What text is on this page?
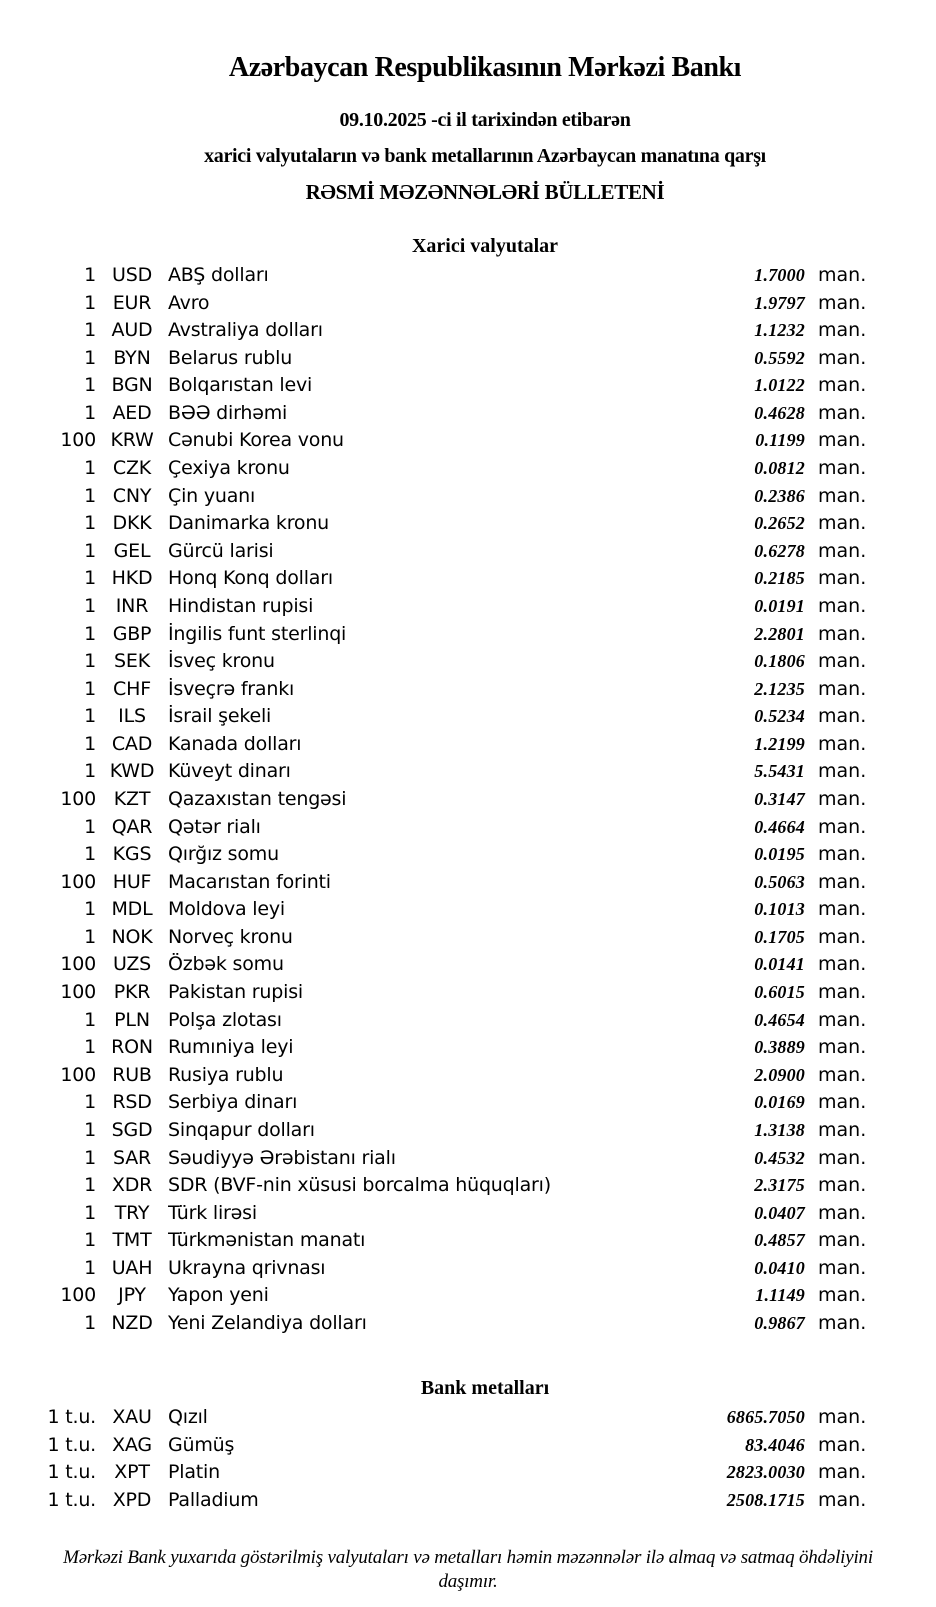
Azərbaycan Respublikasının Mərkəzi Bankı
09.10.2025 -ci il tarixindən etibarən
xarici valyutaların və bank metallarının Azərbaycan manatına qarşı
RƏSMİ MƏZƏNNƏLƏRİ BÜLLETENİ
Xarici valyutalar
1 USD ABŞ dolları	1.7000 man.
1 EUR Avro	1.9797 man.
1 AUD Avstraliya dolları	1.1232 man.
1 BYN Belarus rublu	0.5592 man.
1 BGN Bolqarıstan levi	1.0122 man.
1 AED BƏƏ dirhəmi	0.4628 man.
100 KRW Cənubi Korea vonu	0.1199 man.
1 CZK Çexiya kronu	0.0812 man.
1 CNY Çin yuanı	0.2386 man.
1 DKK Danimarka kronu	0.2652 man.
1 GEL Gürcü larisi	0.6278 man.
1 HKD Honq Konq dolları	0.2185 man.
1	INR	Hindistan rupisi	0.0191 man.
1 GBP İngilis funt sterlinqi	2.2801 man.
1 SEK İsveç kronu	0.1806 man.
1 CHF İsveçrə frankı	2.1235 man.
1	ILS	İsrail şekeli	0.5234 man.
1 CAD Kanada dolları	1.2199 man.
1 KWD Küveyt dinarı	5.5431 man.
100 KZT Qazaxıstan tengəsi	0.3147 man.
1 QAR Qətər rialı	0.4664 man.
1 KGS Qırğız somu	0.0195 man.
100 HUF Macarıstan forinti	0.5063 man.
1 MDL Moldova leyi	0.1013 man.
1 NOK Norveç kronu	0.1705 man.
100 UZS Özbək somu	0.0141 man.
100 PKR Pakistan rupisi	0.6015 man.
1 PLN Polşa zlotası	0.4654 man.
1 RON Rumıniya leyi	0.3889 man.
100 RUB Rusiya rublu	2.0900 man.
1 RSD Serbiya dinarı	0.0169 man.
1 SGD Sinqapur dolları	1.3138 man.
1 SAR Səudiyyə Ərəbistanı rialı	0.4532 man.
1 XDR SDR (BVF-nin xüsusi borcalma hüquqları)	2.3175 man.
1 TRY Türk lirəsi	0.0407 man.
1 TMT Türkmənistan manatı	0.4857 man.
1 UAH Ukrayna qrivnası	0.0410 man.
100	JPY	Yapon yeni	1.1149 man.
1 NZD Yeni Zelandiya dolları	0.9867 man.
Bank metalları
1 t.u. XAU Qızıl	6865.7050 man.
1 t.u. XAG Gümüş	83.4046 man.
1 t.u. XPT Platin	2823.0030 man.
1 t.u. XPD Palladium	2508.1715 man.
Mərkəzi Bank yuxarıda göstərilmiş valyutaları və metalları həmin məzənnələr ilə almaq və satmaq öhdəliyini daşımır.
